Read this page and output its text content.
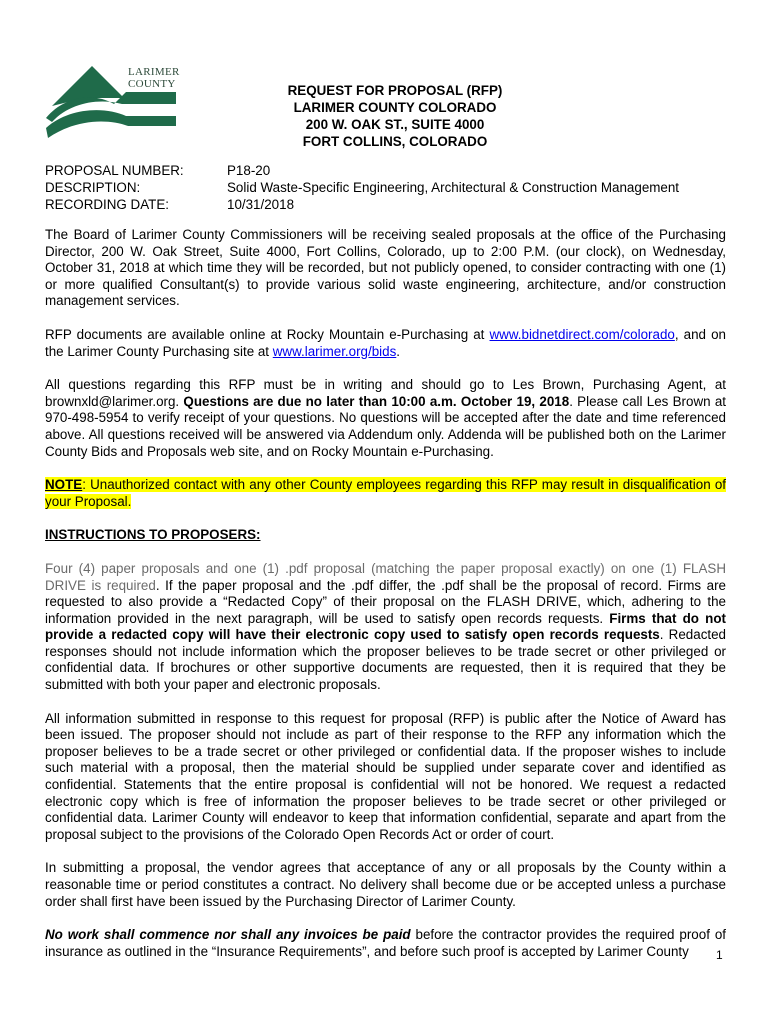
LARIMER
COUNTY	REQUEST FOR PROPOSAL (RFP)
LARIMER COUNTY COLORADO
200 W. OAK ST., SUITE 4000
FORT COLLINS, COLORADO
PROPOSAL NUMBER:	P18-20
DESCRIPTION:	Solid Waste-Specific Engineering, Architectural & Construction Management
RECORDING DATE:	10/31/2018

The Board of Larimer County Commissioners will be receiving sealed proposals at the office of the Purchasing Director, 200 W. Oak Street, Suite 4000, Fort Collins, Colorado, up to 2:00 P.M. (our clock), on Wednesday, October 31, 2018 at which time they will be recorded, but not publicly opened, to consider contracting with one (1) or more qualified Consultant(s) to provide various solid waste engineering, architecture, and/or construction management services.

RFP documents are available online at Rocky Mountain e-Purchasing at www.bidnetdirect.com/colorado, and on the Larimer County Purchasing site at www.larimer.org/bids.

All questions regarding this RFP must be in writing and should go to Les Brown, Purchasing Agent, at brownxld@larimer.org. Questions are due no later than 10:00 a.m. October 19, 2018. Please call Les Brown at 970-498-5954 to verify receipt of your questions. No questions will be accepted after the date and time referenced above. All questions received will be answered via Addendum only. Addenda will be published both on the Larimer County Bids and Proposals web site, and on Rocky Mountain e-Purchasing.

NOTE: Unauthorized contact with any other County employees regarding this RFP may result in disqualification of your Proposal.

INSTRUCTIONS TO PROPOSERS:

Four (4) paper proposals and one (1) .pdf proposal (matching the paper proposal exactly) on one (1) FLASH DRIVE is required. If the paper proposal and the .pdf differ, the .pdf shall be the proposal of record. Firms are requested to also provide a “Redacted Copy” of their proposal on the FLASH DRIVE, which, adhering to the information provided in the next paragraph, will be used to satisfy open records requests. Firms that do not provide a redacted copy will have their electronic copy used to satisfy open records requests. Redacted responses should not include information which the proposer believes to be trade secret or other privileged or confidential data. If brochures or other supportive documents are requested, then it is required that they be submitted with both your paper and electronic proposals.

All information submitted in response to this request for proposal (RFP) is public after the Notice of Award has been issued. The proposer should not include as part of their response to the RFP any information which the proposer believes to be a trade secret or other privileged or confidential data. If the proposer wishes to include such material with a proposal, then the material should be supplied under separate cover and identified as confidential. Statements that the entire proposal is confidential will not be honored. We request a redacted electronic copy which is free of information the proposer believes to be trade secret or other privileged or confidential data. Larimer County will endeavor to keep that information confidential, separate and apart from the proposal subject to the provisions of the Colorado Open Records Act or order of court.

In submitting a proposal, the vendor agrees that acceptance of any or all proposals by the County within a reasonable time or period constitutes a contract. No delivery shall become due or be accepted unless a purchase order shall first have been issued by the Purchasing Director of Larimer County.

No work shall commence nor shall any invoices be paid before the contractor provides the required proof of insurance as outlined in the “Insurance Requirements”, and before such proof is accepted by Larimer County	1
